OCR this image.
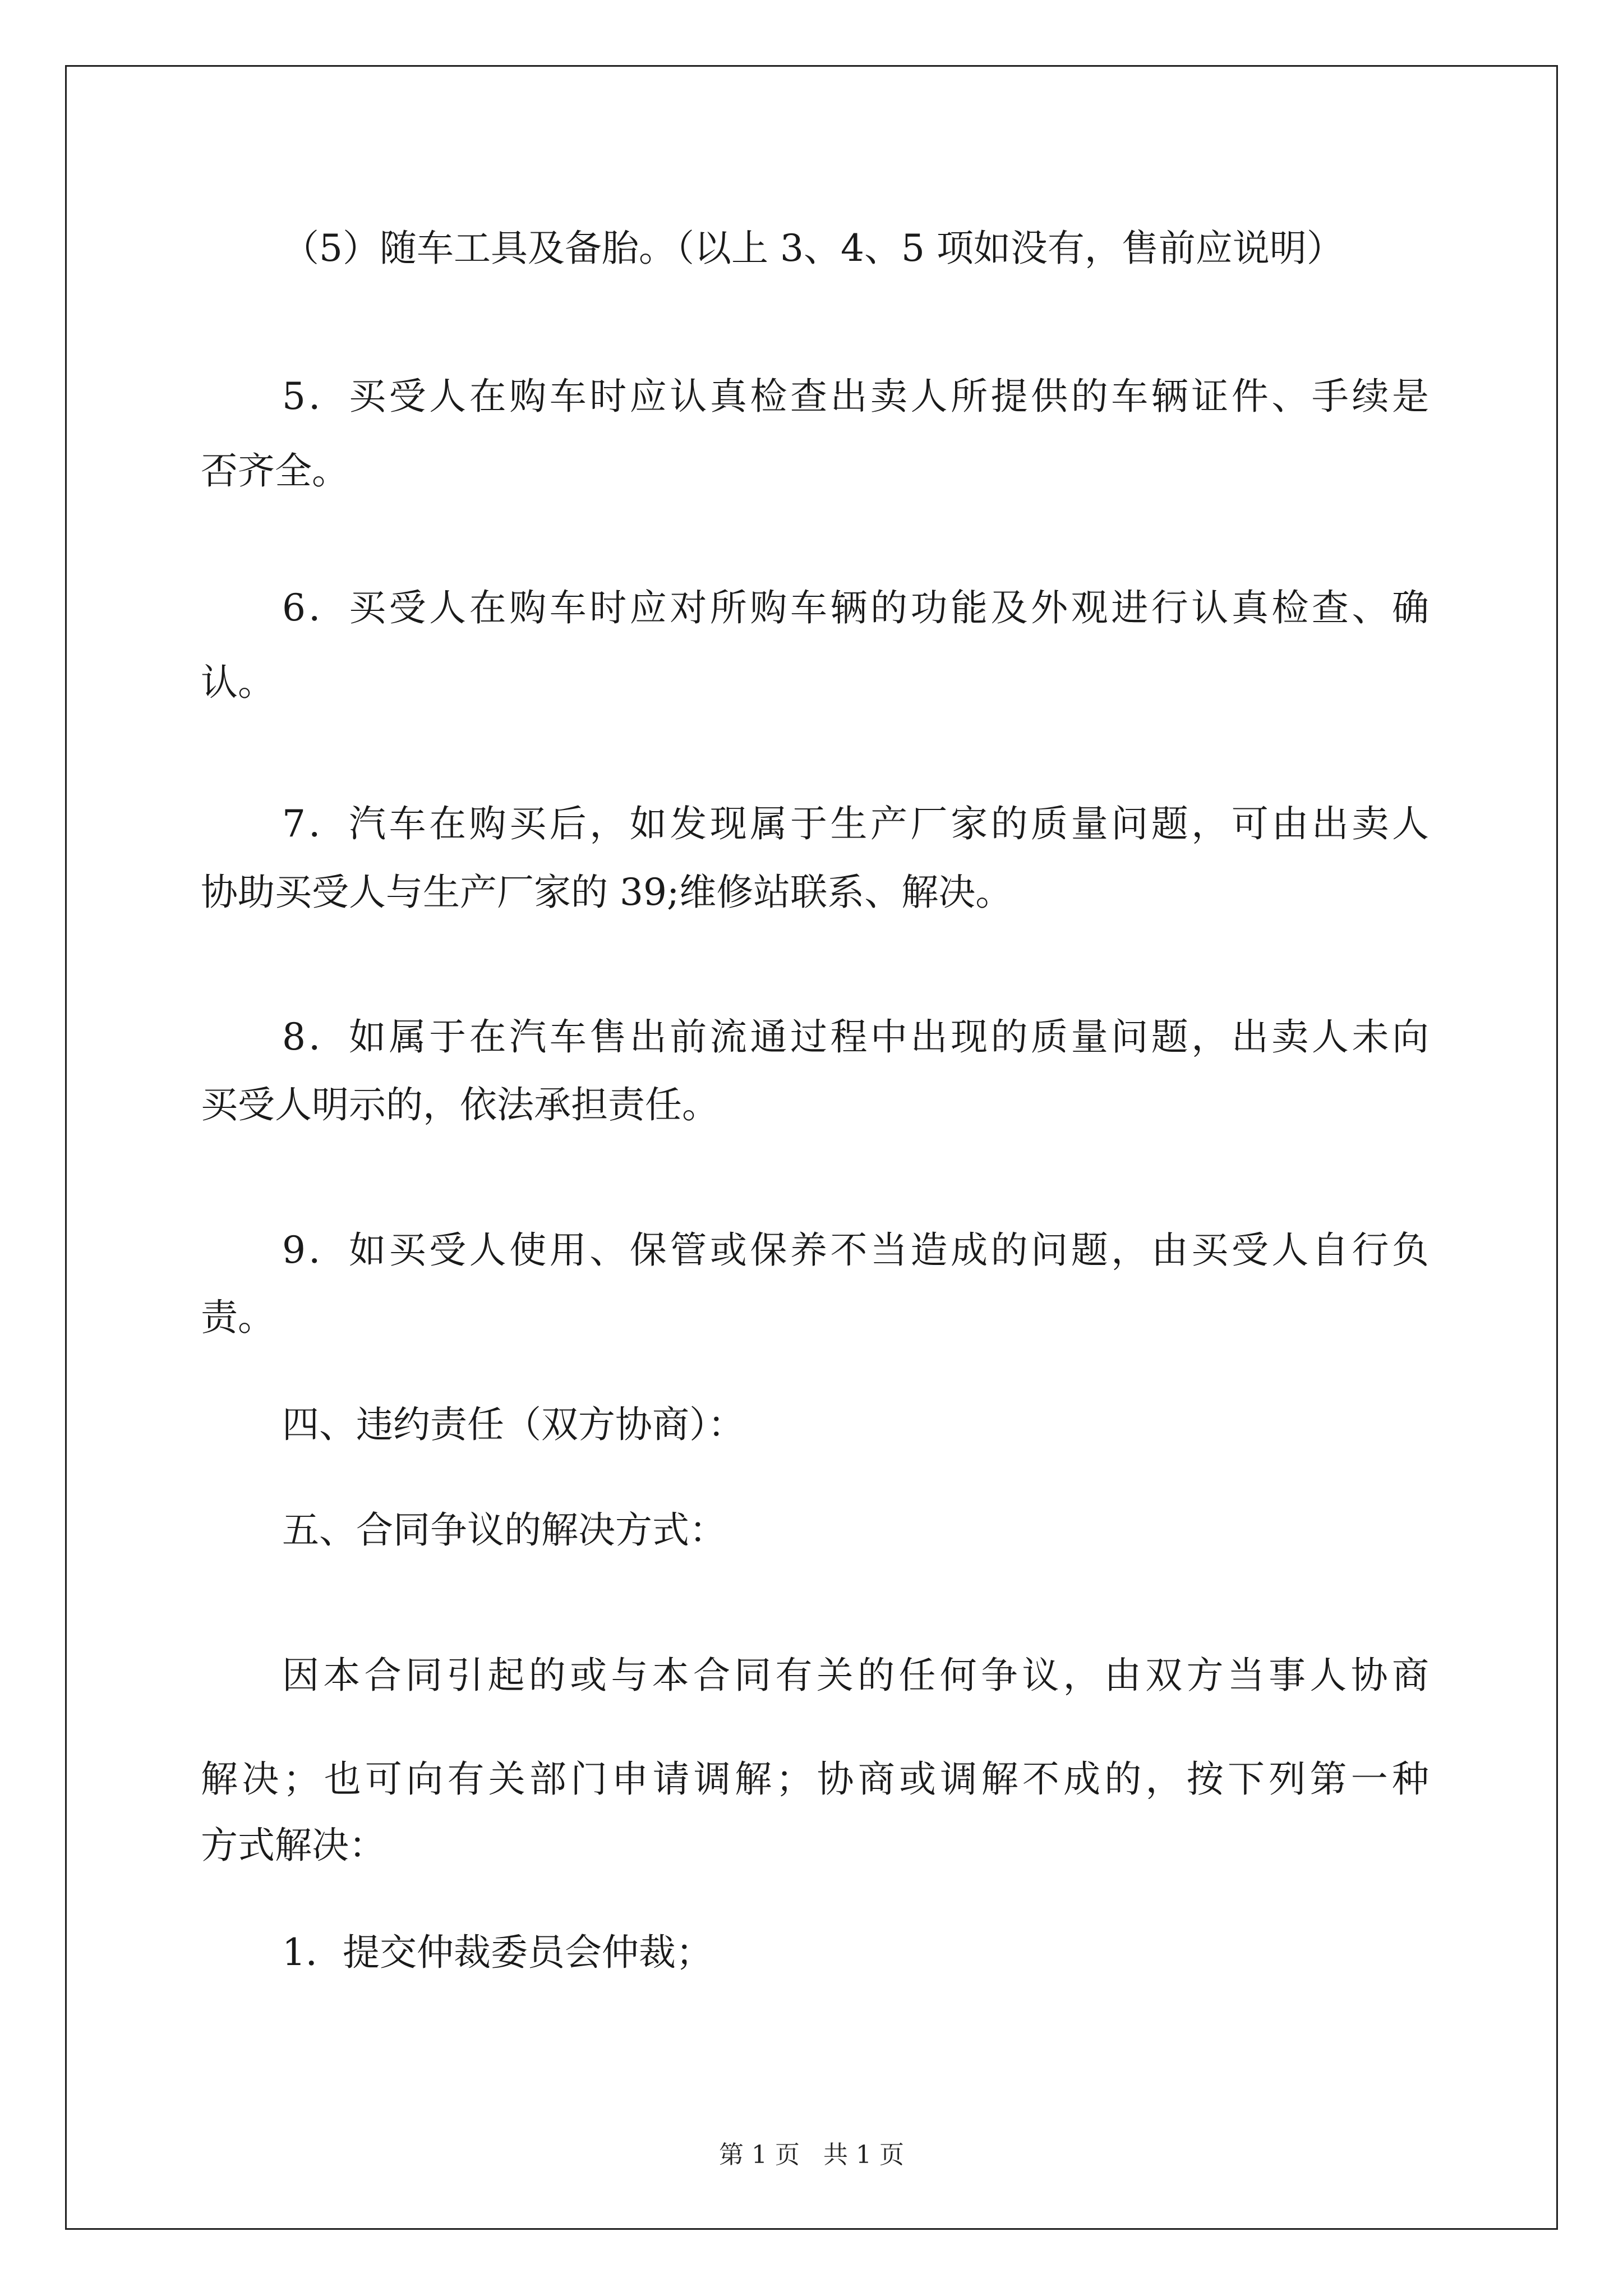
（5）随车工具及备胎。（以上 3、4、5 项如没有，售前应说明）

5．买受人在购车时应认真检查出卖人所提供的车辆证件、手续是

否齐全。

6．买受人在购车时应对所购车辆的功能及外观进行认真检查、确

认。

7．汽车在购买后，如发现属于生产厂家的质量问题，可由出卖人

协助买受人与生产厂家的 39;维修站联系、解决。

8．如属于在汽车售出前流通过程中出现的质量问题，出卖人未向

买受人明示的，依法承担责任。

9．如买受人使用、保管或保养不当造成的问题，由买受人自行负

责。

四、违约责任（双方协商）：

五、合同争议的解决方式：

因本合同引起的或与本合同有关的任何争议，由双方当事人协商

解决；也可向有关部门申请调解；协商或调解不成的，按下列第一种

方式解决：

1．提交仲裁委员会仲裁；

第 1 页 共 1 页
